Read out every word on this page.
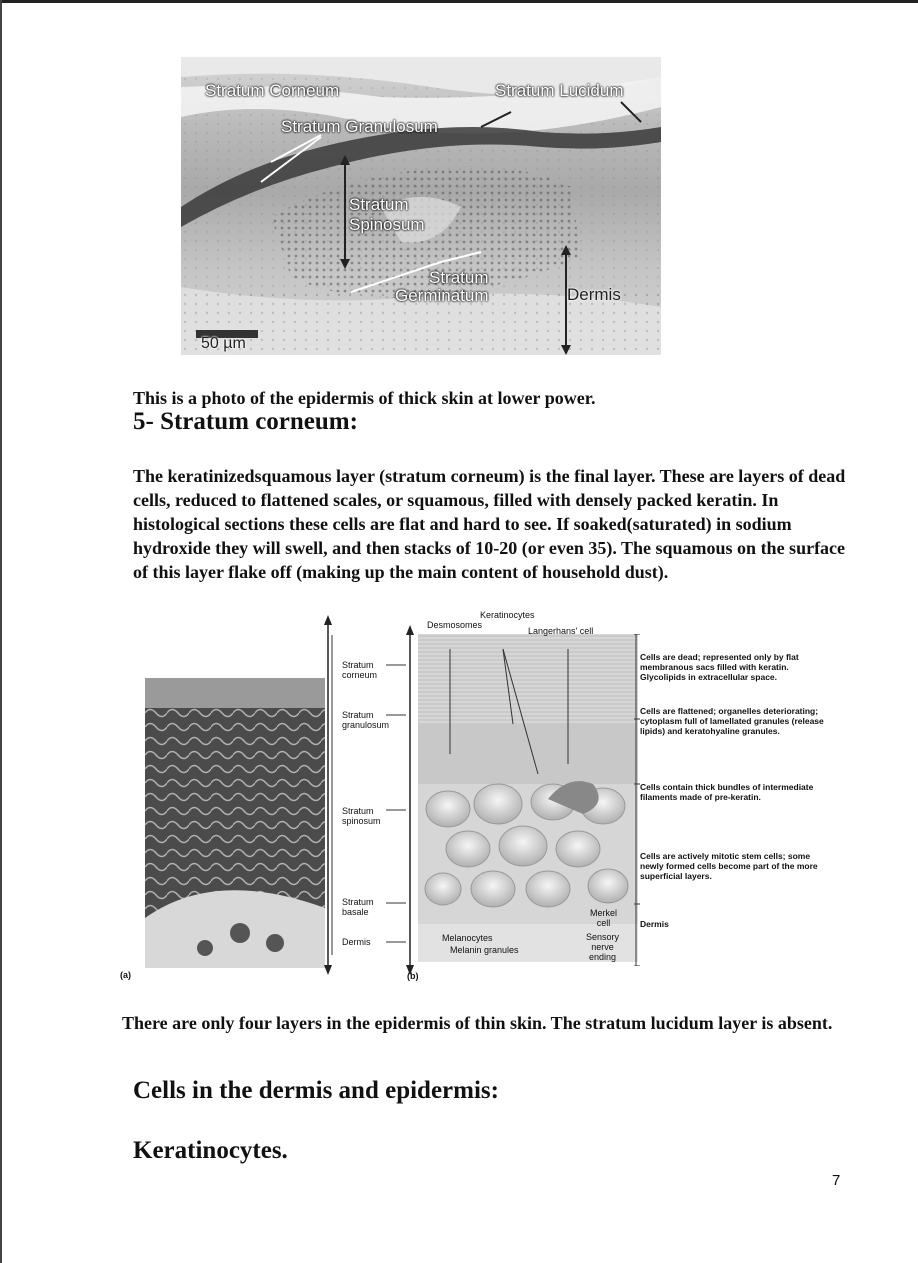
Stratum Corneum	Stratum Lucidum
Stratum Granulosum
Stratum
Spinosum
Stratum
Germinatum	Dermis
50 µm

This is a photo of the epidermis of thick skin at lower power.

5- Stratum corneum:

The keratinizedsquamous layer (stratum corneum) is the final layer. These are layers of dead cells, reduced to flattened scales, or squamous, filled with densely packed keratin. In histological sections these cells are flat and hard to see. If soaked(saturated) in sodium hydroxide they will swell, and then stacks of 10-20 (or even 35). The squamous on the surface of this layer flake off (making up the main content of household dust).

(a)
Stratum
corneum
Stratum
granulosum
Stratum
spinosum
Stratum
basale
Dermis
(b)
Keratinocytes
Desmosomes
Langerhans' cell
Merkel
cell
Sensory
nerve
ending
Melanocytes
Melanin granules
Cells are dead; represented only by flat membranous sacs filled with keratin. Glycolipids in extracellular space.
Cells are flattened; organelles deteriorating; cytoplasm full of lamellated granules (release lipids) and keratohyaline granules.
Cells contain thick bundles of intermediate filaments made of pre-keratin.
Cells are actively mitotic stem cells; some newly formed cells become part of the more superficial layers.
Dermis

There are only four layers in the epidermis of thin skin. The stratum lucidum layer is absent.

Cells in the dermis and epidermis:
Keratinocytes.
7
